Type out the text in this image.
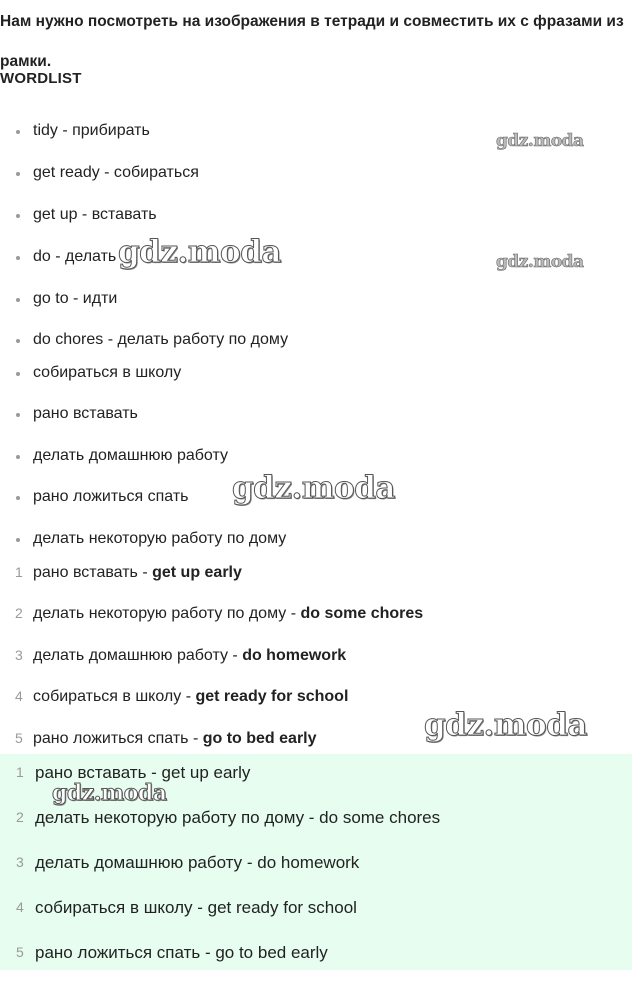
Нам нужно посмотреть на изображения в тетради и совместить их с фразами из рамки.
WORDLIST
tidy - прибирать
get ready - собираться
get up - вставать
do - делать
go to - идти
do chores - делать работу по дому
собираться в школу
рано вставать
делать домашнюю работу
рано ложиться спать
делать некоторую работу по дому
1 рано вставать - get up early
2 делать некоторую работу по дому - do some chores
3 делать домашнюю работу - do homework
4 собираться в школу - get ready for school
5 рано ложиться спать - go to bed early
1 рано вставать - get up early
2 делать некоторую работу по дому - do some chores
3 делать домашнюю работу - do homework
4 собираться в школу - get ready for school
5 рано ложиться спать - go to bed early
gdz.moda
gdz.moda
gdz.moda
gdz.moda
gdz.moda
gdz.moda
